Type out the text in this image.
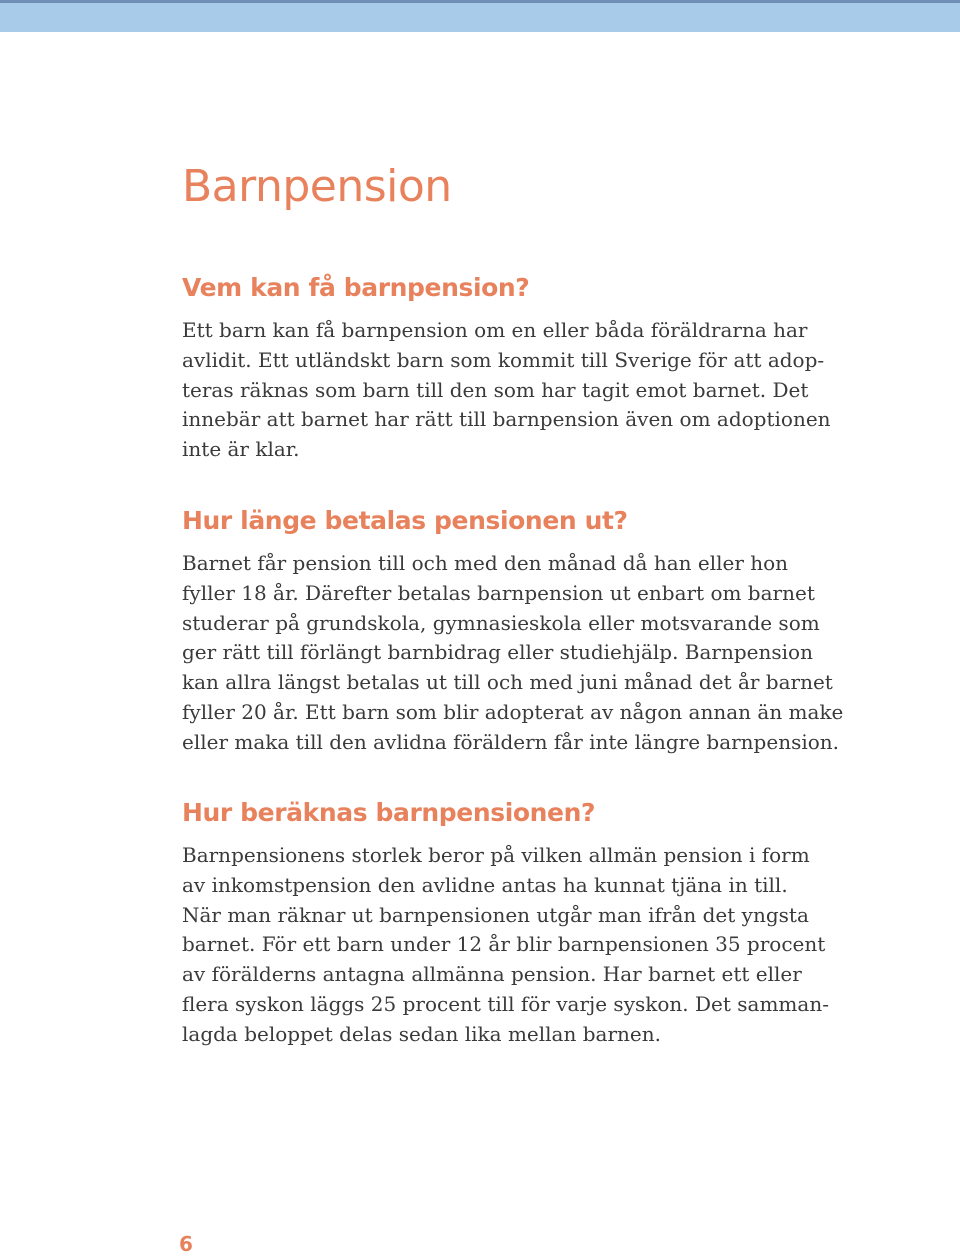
Barnpension
Vem kan få barnpension?
Ett barn kan få barnpension om en eller båda föräldrarna har
avlidit. Ett utländskt barn som kommit till Sverige för att adop-
teras räknas som barn till den som har tagit emot barnet. Det
innebär att barnet har rätt till barnpension även om adoptionen
inte är klar.
Hur länge betalas pensionen ut?
Barnet får pension till och med den månad då han eller hon
fyller 18 år. Därefter betalas barnpension ut enbart om barnet
studerar på grundskola, gymnasieskola eller motsvarande som
ger rätt till förlängt barnbidrag eller studiehjälp. Barnpension
kan allra längst betalas ut till och med juni månad det år barnet
fyller 20 år. Ett barn som blir adopterat av någon annan än make
eller maka till den avlidna föräldern får inte längre barnpension.
Hur beräknas barnpensionen?
Barnpensionens storlek beror på vilken allmän pension i form
av inkomstpension den avlidne antas ha kunnat tjäna in till.
När man räknar ut barnpensionen utgår man ifrån det yngsta
barnet. För ett barn under 12 år blir barnpensionen 35 procent
av förälderns antagna allmänna pension. Har barnet ett eller
flera syskon läggs 25 procent till för varje syskon. Det samman-
lagda beloppet delas sedan lika mellan barnen.
6
